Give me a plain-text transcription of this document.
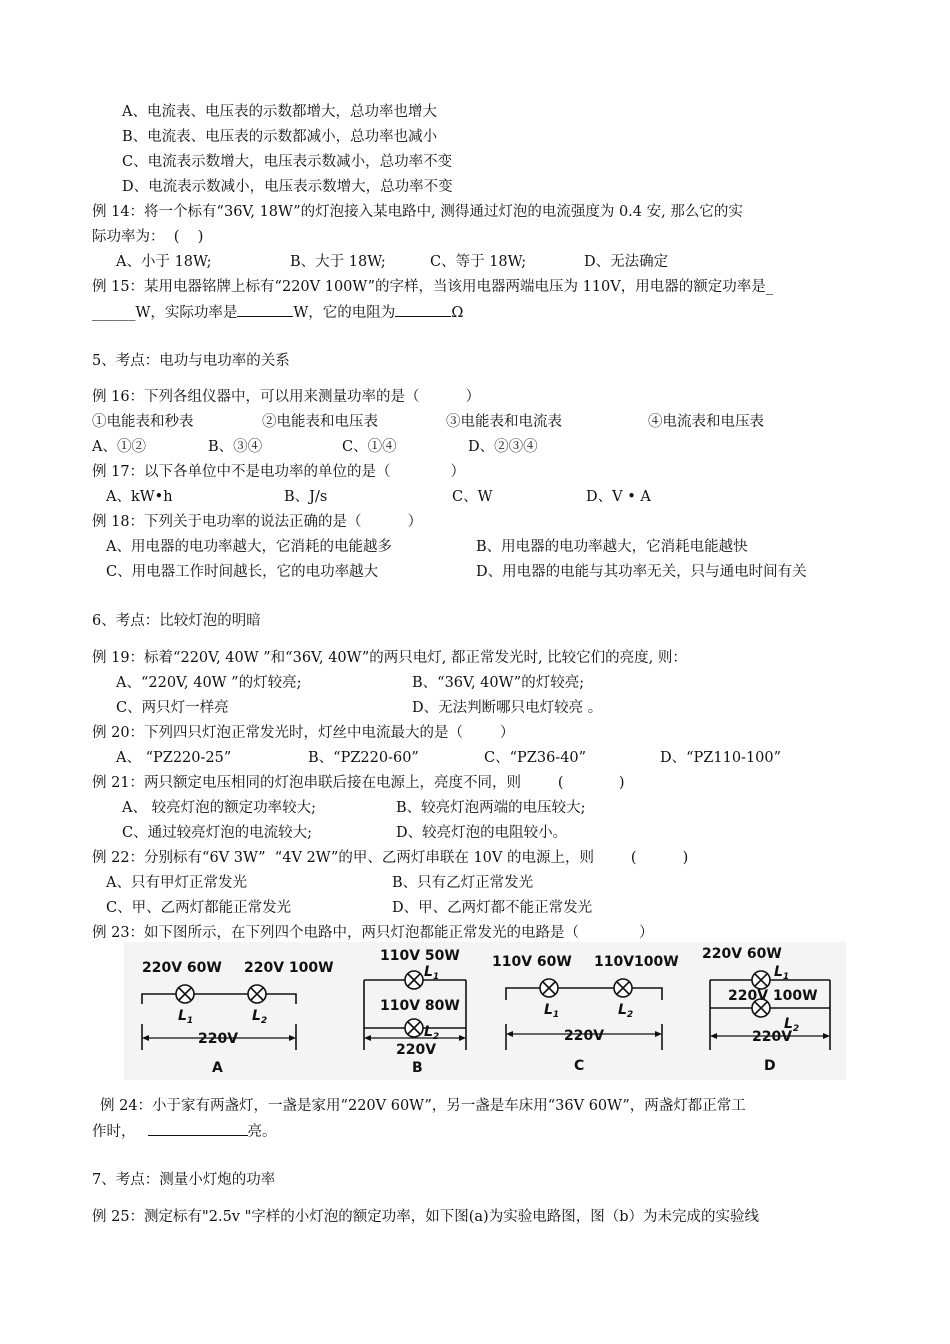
A、电流表、电压表的示数都增大，总功率也增大
B、电流表、电压表的示数都减小，总功率也减小
C、电流表示数增大，电压表示数减小，总功率不变
D、电流表示数减小，电压表示数增大，总功率不变
例 14：将一个标有“36V, 18W”的灯泡接入某电路中, 测得通过灯泡的电流强度为 0.4 安, 那么它的实
际功率为：  (    )
A、小于 18W;	B、大于 18W;	C、等于 18W;	D、无法确定
例 15：某用电器铭牌上标有“220V 100W”的字样，当该用电器两端电压为 110V，用电器的额定功率是_
______W，实际功率是	W，它的电阻为	Ω
5、考点：电功与电功率的关系
例 16：下列各组仪器中，可以用来测量功率的是（          ）
①电能表和秒表	②电能表和电压表	③电能表和电流表	④电流表和电压表
A、①②	B、③④	C、①④	D、②③④
例 17：以下各单位中不是电功率的单位的是（             ）
A、kW•h	B、J/s	C、W	D、V • A
例 18：下列关于电功率的说法正确的是（          ）
A、用电器的电功率越大，它消耗的电能越多	B、用电器的电功率越大，它消耗电能越快
C、用电器工作时间越长，它的电功率越大	D、用电器的电能与其功率无关，只与通电时间有关
6、考点：比较灯泡的明暗
例 19：标着“220V, 40W ”和“36V, 40W”的两只电灯, 都正常发光时, 比较它们的亮度, 则：
A、“220V, 40W ”的灯较亮;	B、“36V, 40W”的灯较亮;
C、两只灯一样亮	D、无法判断哪只电灯较亮 。
例 20：下列四只灯泡正常发光时，灯丝中电流最大的是（        ）
A、 “PZ220-25”	B、“PZ220-60”	C、“PZ36-40”	D、“PZ110-100”
例 21：两只额定电压相同的灯泡串联后接在电源上，亮度不同，则        (            )
A、 较亮灯泡的额定功率较大;	B、较亮灯泡两端的电压较大;
C、通过较亮灯泡的电流较大;	D、较亮灯泡的电阻较小。
例 22：分别标有“6V 3W”  “4V 2W”的甲、乙两灯串联在 10V 的电源上，则        (          )
A、只有甲灯正常发光	B、只有乙灯正常发光
C、甲、乙两灯都能正常发光	D、甲、乙两灯都不能正常发光
例 23：如下图所示，在下列四个电路中，两只灯泡都能正常发光的电路是（             ）
220V 60W 220V 100W
$L_1$	$L_2$
220V
A
110V 50W
$L_1$
110V 80W
$L_2$
220V
B
110V 60W 110V100W
$L_1$	$L_2$
220V
C
220V 60W
$L_1$
220V 100W
$L_2$
220V
D
例 24：小于家有两盏灯，一盏是家用“220V 60W”，另一盏是车床用“36V 60W”，两盏灯都正常工
作时，	亮。
7、考点：测量小灯炮的功率
例 25：测定标有"2.5v "字样的小灯泡的额定功率，如下图(a)为实验电路图，图（b）为未完成的实验线
